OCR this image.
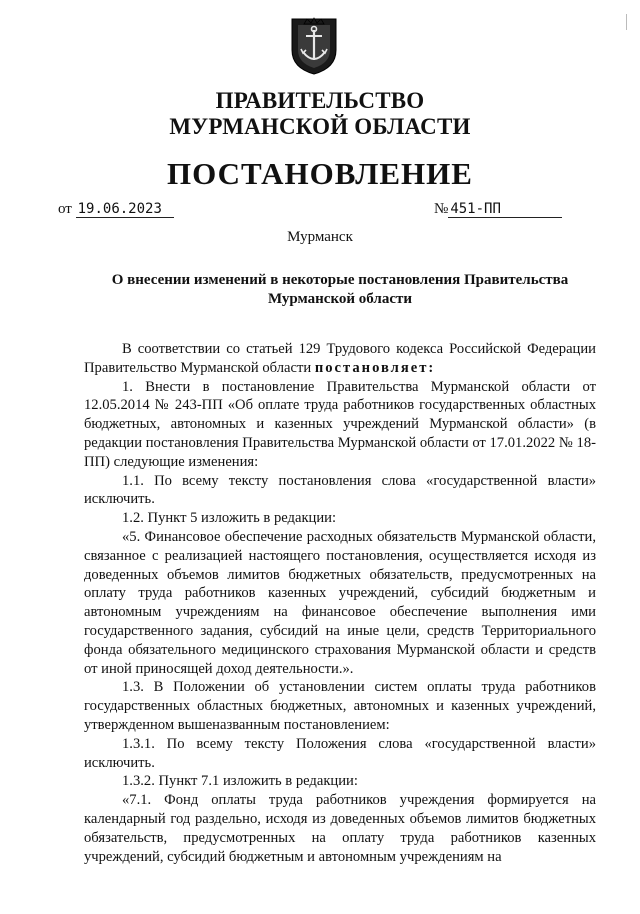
ПРАВИТЕЛЬСТВО
МУРМАНСКОЙ ОБЛАСТИ
ПОСТАНОВЛЕНИЕ
от 19.06.2023	№ 451-ПП
Мурманск
О внесении изменений в некоторые постановления Правительства
Мурманской области

В соответствии со статьей 129 Трудового кодекса Российской Федерации Правительство Мурманской области постановляет:

1. Внести в постановление Правительства Мурманской области от 12.05.2014 № 243-ПП «Об оплате труда работников государственных областных бюджетных, автономных и казенных учреждений Мурманской области» (в редакции постановления Правительства Мурманской области от 17.01.2022 № 18-ПП) следующие изменения:

1.1. По всему тексту постановления слова «государственной власти» исключить.

1.2. Пункт 5 изложить в редакции:

«5. Финансовое обеспечение расходных обязательств Мурманской области, связанное с реализацией настоящего постановления, осуществляется исходя из доведенных объемов лимитов бюджетных обязательств, предусмотренных на оплату труда работников казенных учреждений, субсидий бюджетным и автономным учреждениям на финансовое обеспечение выполнения ими государственного задания, субсидий на иные цели, средств Территориального фонда обязательного медицинского страхования Мурманской области и средств от иной приносящей доход деятельности.».

1.3. В Положении об установлении систем оплаты труда работников государственных областных бюджетных, автономных и казенных учреждений, утвержденном вышеназванным постановлением:

1.3.1. По всему тексту Положения слова «государственной власти» исключить.

1.3.2. Пункт 7.1 изложить в редакции:

«7.1. Фонд оплаты труда работников учреждения формируется на календарный год раздельно, исходя из доведенных объемов лимитов бюджетных обязательств, предусмотренных на оплату труда работников казенных учреждений, субсидий бюджетным и автономным учреждениям на
